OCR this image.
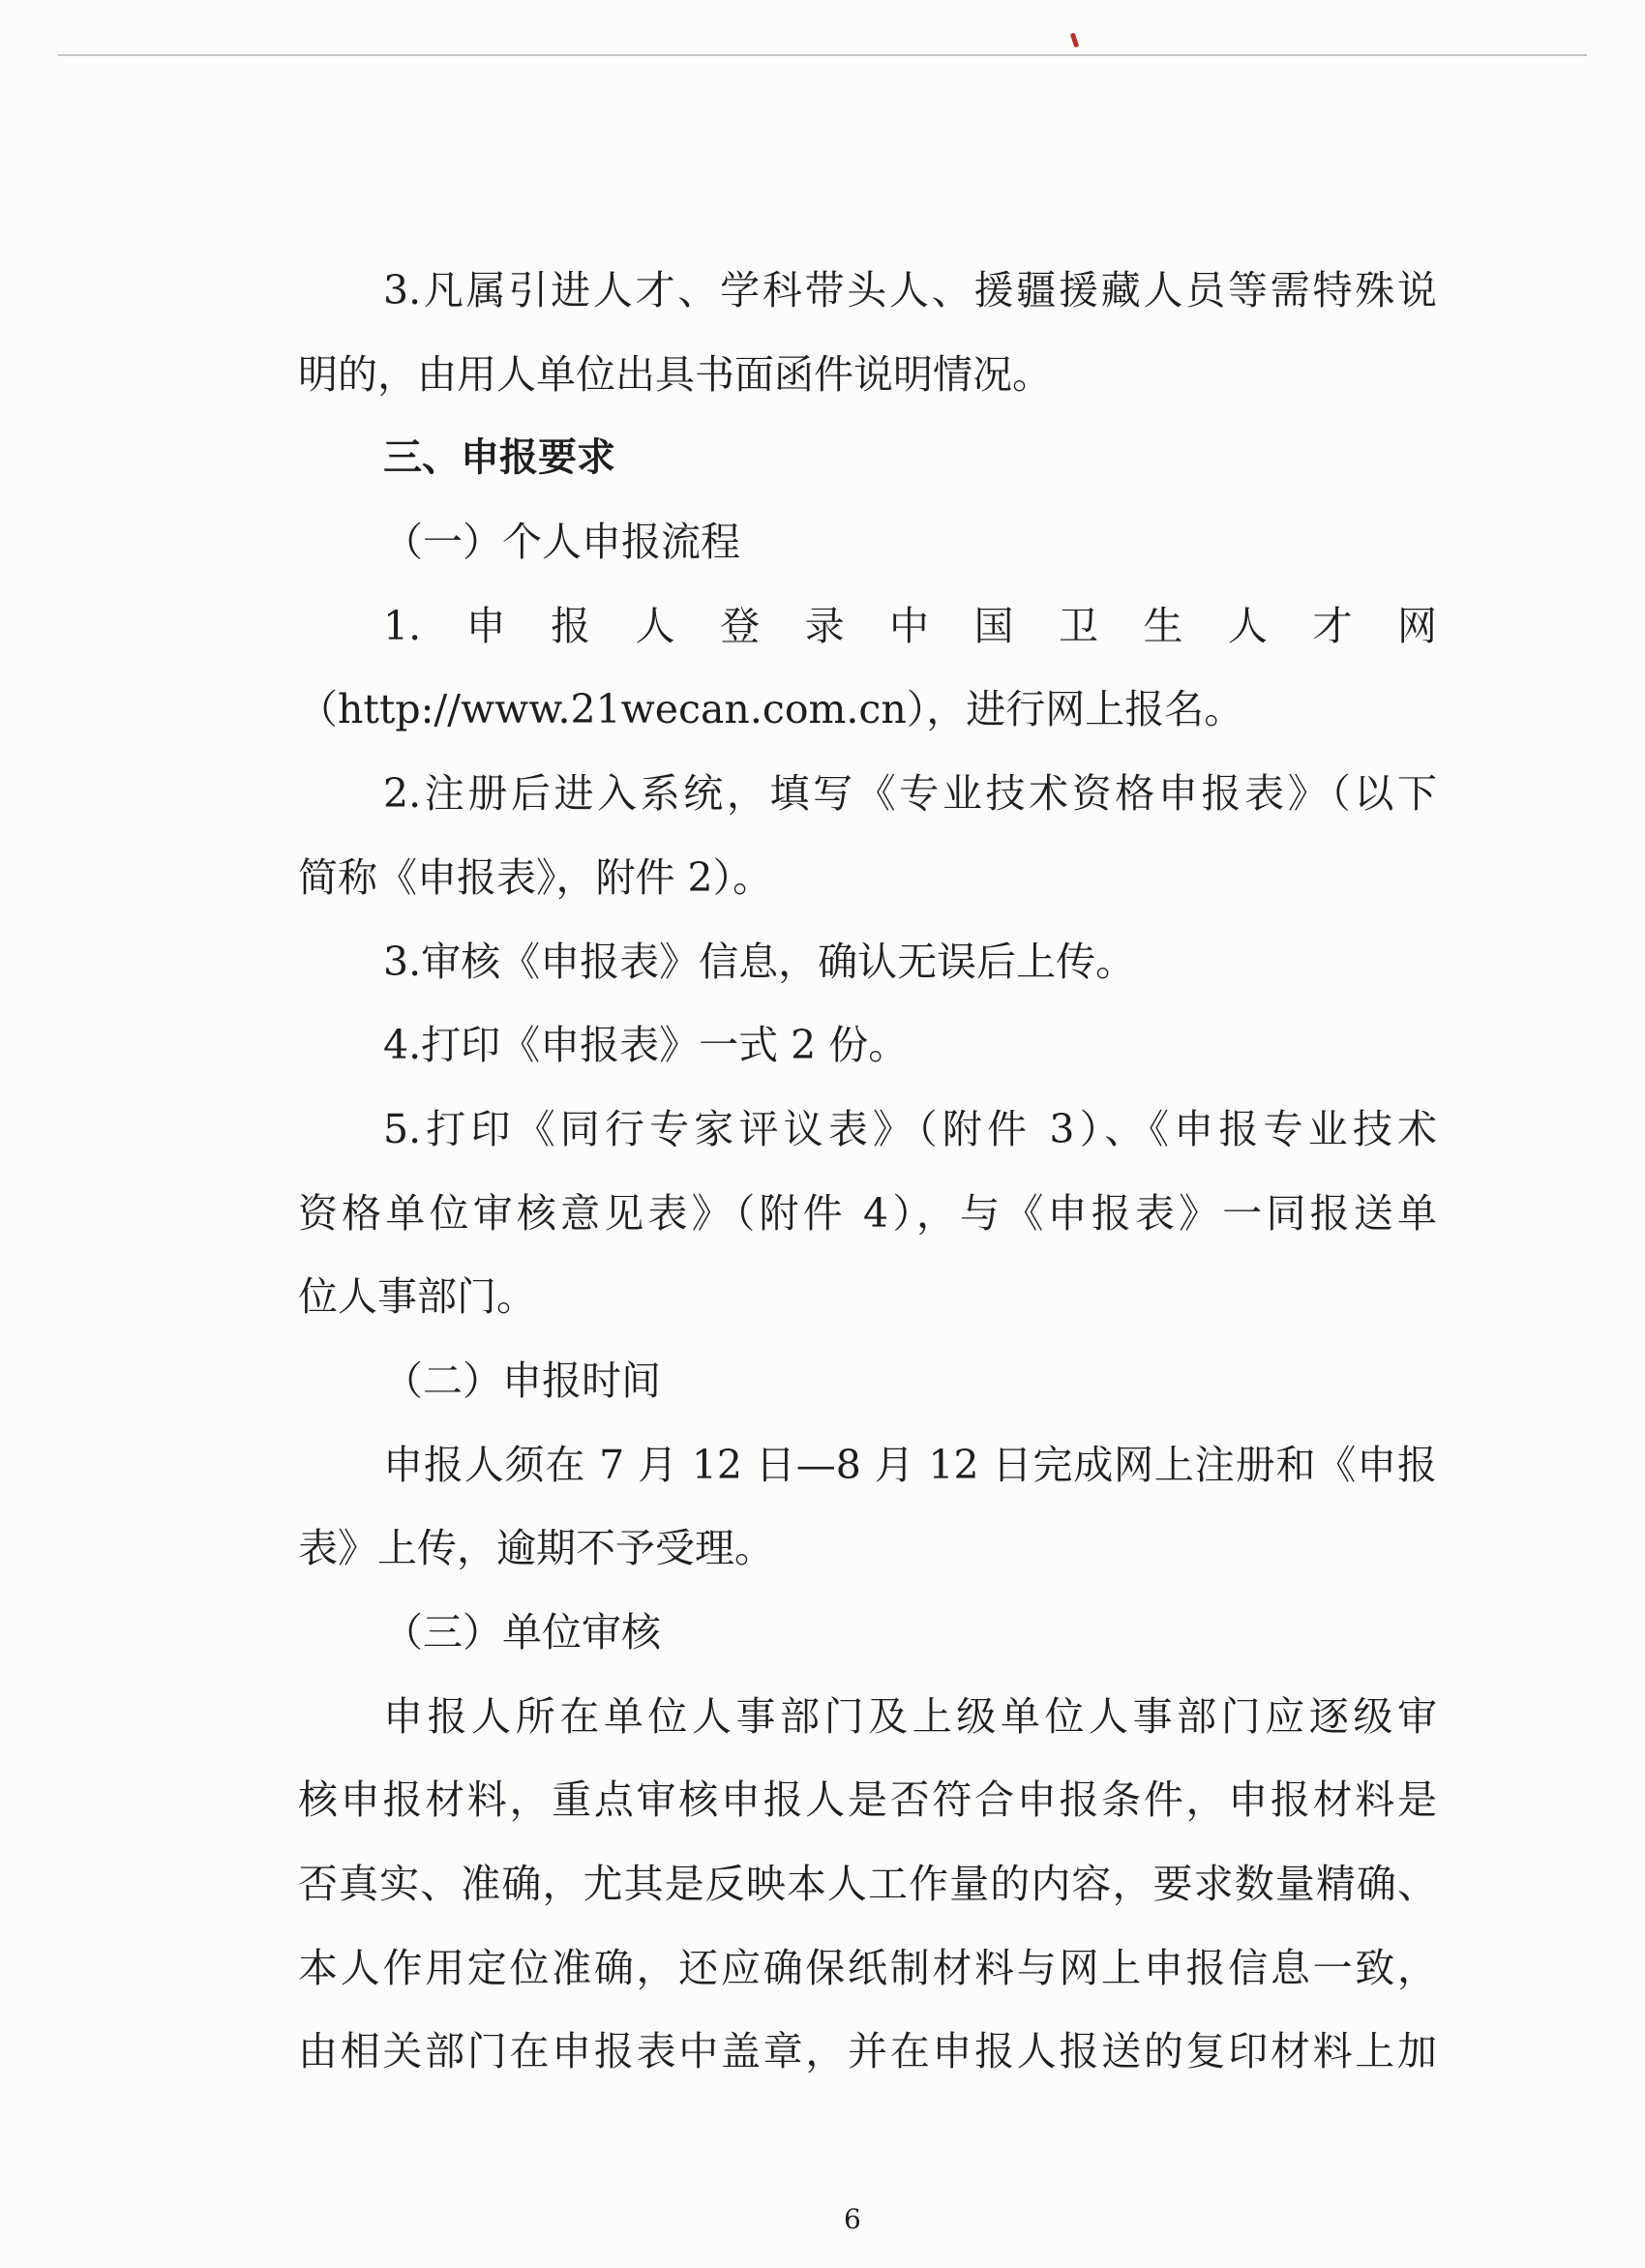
3.凡属引进人才、学科带头人、援疆援藏人员等需特殊说
明的，由用人单位出具书面函件说明情况。
三、申报要求
（一）个人申报流程
1.申报人登录中国卫生人才网
（http://www.21wecan.com.cn），进行网上报名。
2.注册后进入系统，填写《专业技术资格申报表》（以下
简称《申报表》，附件 2）。
3.审核《申报表》信息，确认无误后上传。
4.打印《申报表》一式 2 份。
5.打印《同行专家评议表》（附件 3）、《申报专业技术
资格单位审核意见表》（附件 4），与《申报表》一同报送单
位人事部门。
（二）申报时间
申报人须在 7 月 12 日—8 月 12 日完成网上注册和《申报
表》上传，逾期不予受理。
（三）单位审核
申报人所在单位人事部门及上级单位人事部门应逐级审
核申报材料，重点审核申报人是否符合申报条件，申报材料是
否真实、准确，尤其是反映本人工作量的内容，要求数量精确、
本人作用定位准确，还应确保纸制材料与网上申报信息一致，
由相关部门在申报表中盖章，并在申报人报送的复印材料上加
6
